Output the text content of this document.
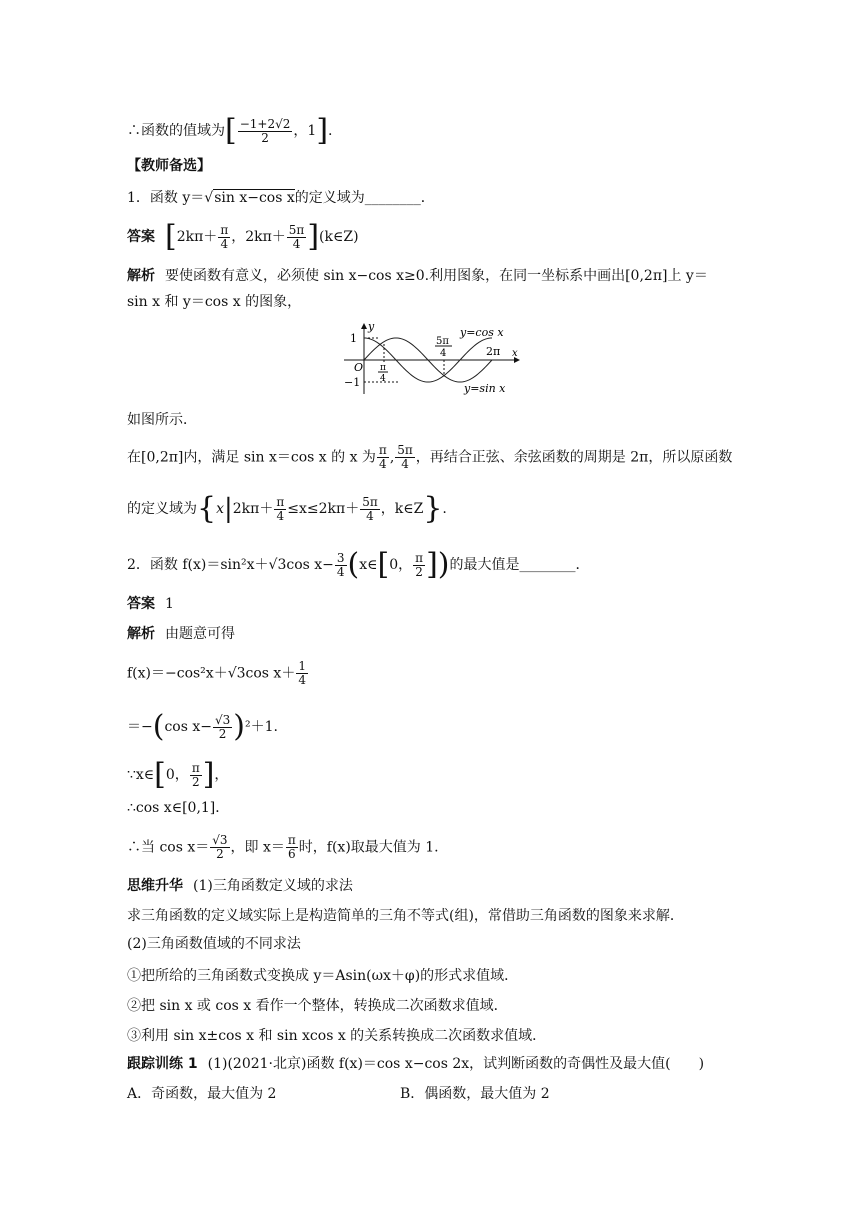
∴函数的值域为[ $\frac{-1+2√2}{2}$ ，1].
【教师备选】
1．函数 y＝√sin x−cos x的定义域为________．
答案 [$2k\pi+ \frac{\pi}{4}$ ，$2k\pi+ \frac{5\pi}{4}$ ](k∈Z)
解析 要使函数有意义，必须使 sin x−cos x≥0.利用图象，在同一坐标系中画出[0,2π]上 y＝
sin x 和 y＝cos x 的图象，
y
x
1
O
−1
π
4
5π
4	2π
y=cos x
y=sin x
如图所示．
在[0,2π]内，满足 sin x＝cos x 的 x 为 $\frac{\pi}{4}$ , $\frac{5\pi}{4}$ ，再结合正弦、余弦函数的周期是 2π，所以原函数
的定义域为{$x|2k\pi+ \frac{\pi}{4} \le x\le 2k\pi+ \frac{5\pi}{4}$ ，k∈Z}.
2．函数 f(x)＝sin²x＋√3cos $x- \frac{3}{4}$ (x∈[0， $\frac{\pi}{2}$ ])的最大值是________．
答案 1
解析 由题意可得
f(x)＝−cos²x＋√3cos $x+ \frac{1}{4}$
＝−(cos $x- \frac{√3}{2} )^2+1$.
∵x∈[0， $\frac{\pi}{2}$ ]，
∴cos x∈[0,1]．
∴当 $\cos x= \frac{√3}{2}$ ，即 $x= \frac{\pi}{6}$ 时，f(x)取最大值为 1.
思维升华 (1)三角函数定义域的求法
求三角函数的定义域实际上是构造简单的三角不等式(组)，常借助三角函数的图象来求解．
(2)三角函数值域的不同求法
①把所给的三角函数式变换成 y＝Asin(ωx＋φ)的形式求值域．
②把 sin x 或 cos x 看作一个整体，转换成二次函数求值域．
③利用 sin x±cos x 和 sin xcos x 的关系转换成二次函数求值域．
跟踪训练 1 (1)(2021·北京)函数 f(x)＝cos x−cos 2x，试判断函数的奇偶性及最大值(　　)
A．奇函数，最大值为 2	B．偶函数，最大值为 2
